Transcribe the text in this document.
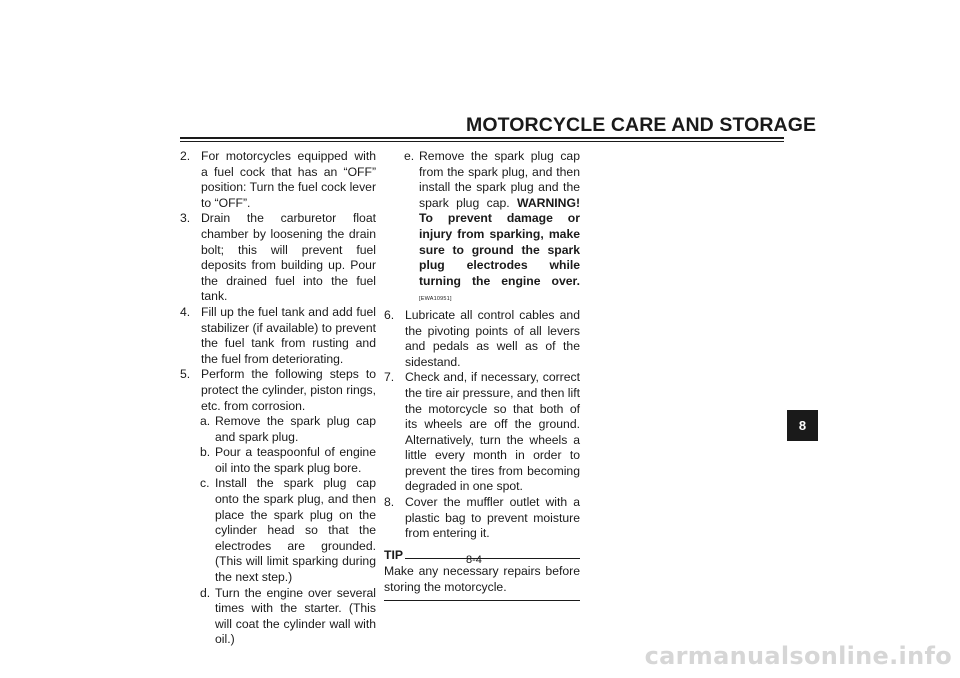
MOTORCYCLE CARE AND STORAGE

2. For motorcycles equipped with a fuel cock that has an “OFF” position: Turn the fuel cock lever to “OFF”.

3. Drain the carburetor float chamber by loosening the drain bolt; this will prevent fuel deposits from building up. Pour the drained fuel into the fuel tank.

4. Fill up the fuel tank and add fuel stabilizer (if available) to prevent the fuel tank from rusting and the fuel from deteriorating.

5. Perform the following steps to protect the cylinder, piston rings, etc. from corrosion.

a. Remove the spark plug cap and spark plug.

b. Pour a teaspoonful of engine oil into the spark plug bore.

c. Install the spark plug cap onto the spark plug, and then place the spark plug on the cylinder head so that the electrodes are grounded. (This will limit sparking during the next step.)

d. Turn the engine over several times with the starter. (This will coat the cylinder wall with oil.)

e. Remove the spark plug cap from the spark plug, and then install the spark plug and the spark plug cap. WARNING! To prevent damage or injury from sparking, make sure to ground the spark plug electrodes while turning the engine over. [EWA10951]

6. Lubricate all control cables and the pivoting points of all levers and pedals as well as of the sidestand.

7. Check and, if necessary, correct the tire air pressure, and then lift the motorcycle so that both of its wheels are off the ground. Alternatively, turn the wheels a little every month in order to prevent the tires from becoming degraded in one spot.

8. Cover the muffler outlet with a plastic bag to prevent moisture from entering it.

TIP

Make any necessary repairs before storing the motorcycle.

8-4
8
carmanualsonline.info
